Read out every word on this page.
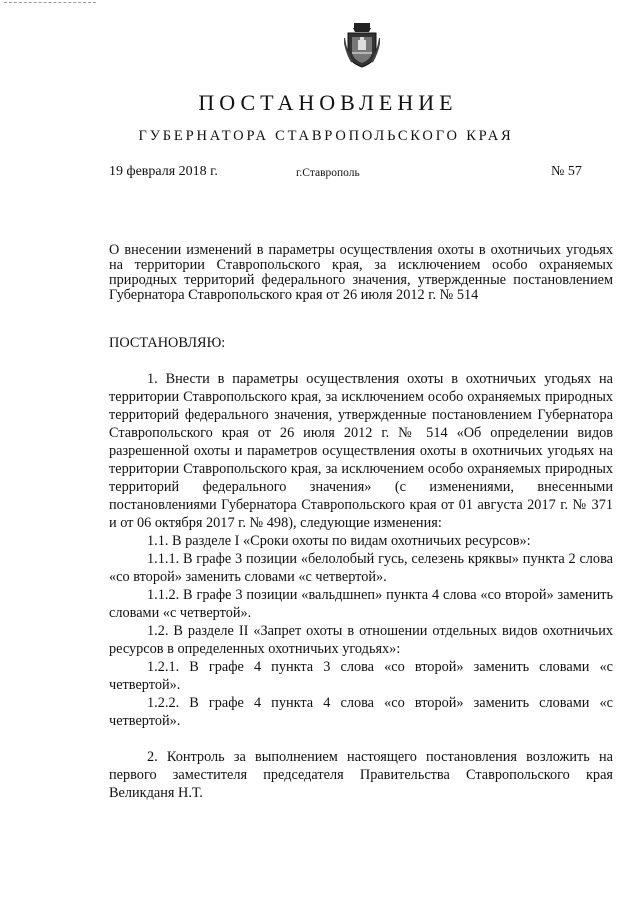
ПОСТАНОВЛЕНИЕ
ГУБЕРНАТОРА СТАВРОПОЛЬСКОГО КРАЯ
19 февраля 2018 г.	г.Ставрополь	№ 57
О внесении изменений в параметры осуществления охоты в охотничьих угодьях на территории Ставропольского края, за исключением особо охраняемых природных территорий федерального значения, утвержденные постановлением Губернатора Ставропольского края от 26 июля 2012 г. № 514
ПОСТАНОВЛЯЮ:

1. Внести в параметры осуществления охоты в охотничьих угодьях на территории Ставропольского края, за исключением особо охраняемых природных территорий федерального значения, утвержденные постановлением Губернатора Ставропольского края от 26 июля 2012 г. № 514 «Об определении видов разрешенной охоты и параметров осуществления охоты в охотничьих угодьях на территории Ставропольского края, за исключением особо охраняемых природных территорий федерального значения» (с изменениями, внесенными постановлениями Губернатора Ставропольского края от 01 августа 2017 г. № 371 и от 06 октября 2017 г. № 498), следующие изменения:

1.1. В разделе I «Сроки охоты по видам охотничьих ресурсов»:

1.1.1. В графе 3 позиции «белолобый гусь, селезень кряквы» пункта 2 слова «со второй» заменить словами «с четвертой».

1.1.2. В графе 3 позиции «вальдшнеп» пункта 4 слова «со второй» заменить словами «с четвертой».

1.2. В разделе II «Запрет охоты в отношении отдельных видов охотничьих ресурсов в определенных охотничьих угодьях»:

1.2.1. В графе 4 пункта 3 слова «со второй» заменить словами «с четвертой».

1.2.2. В графе 4 пункта 4 слова «со второй» заменить словами «с четвертой».

2. Контроль за выполнением настоящего постановления возложить на первого заместителя председателя Правительства Ставропольского края Великданя Н.Т.
